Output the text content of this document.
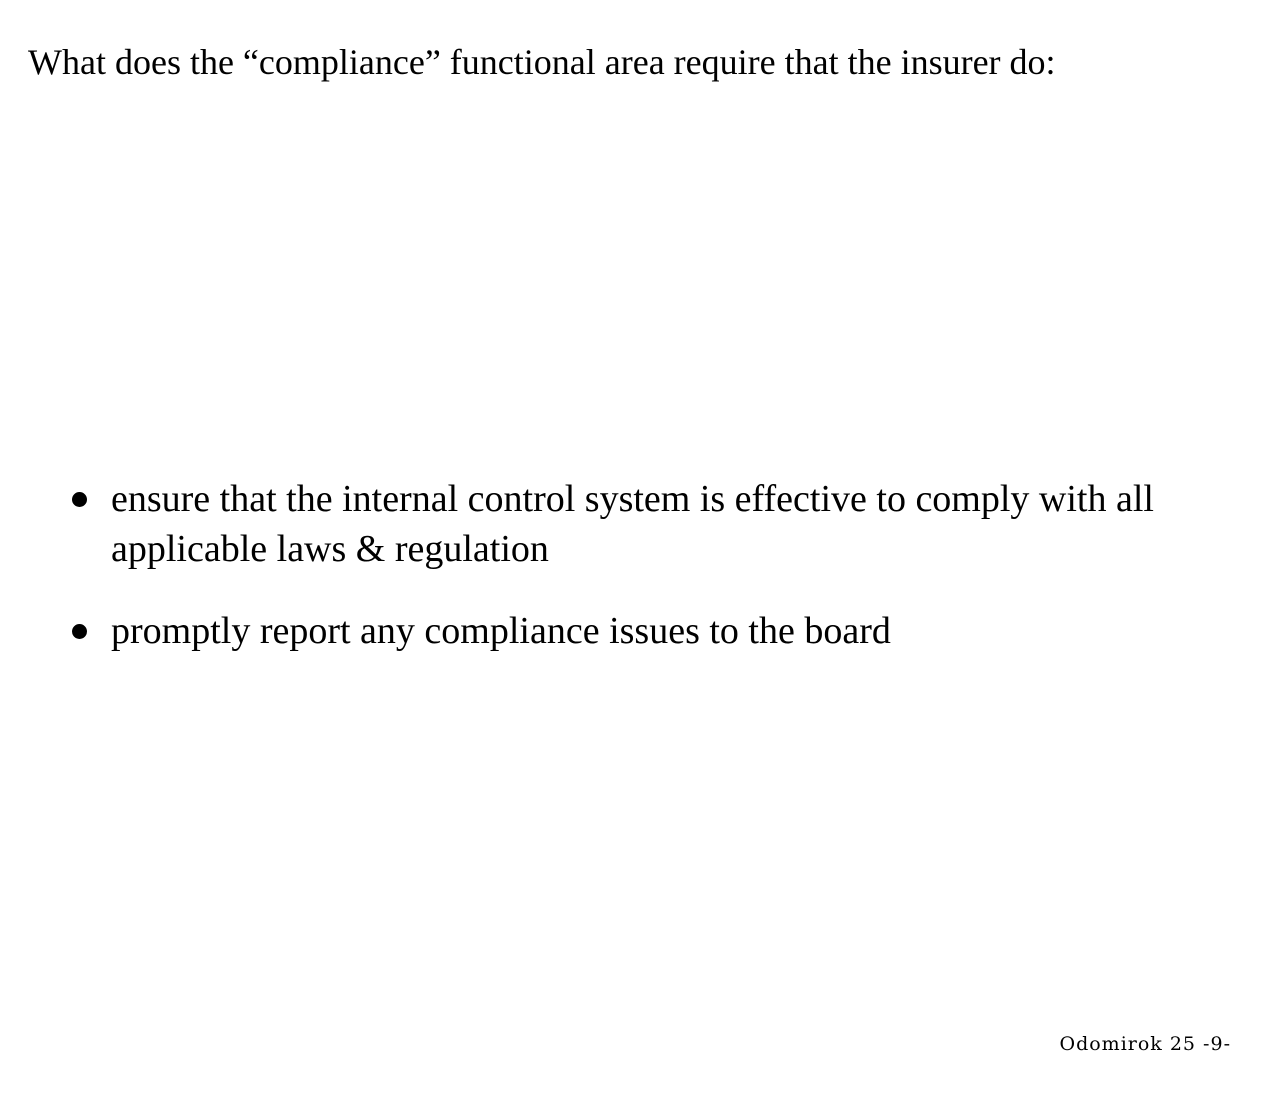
What does the “compliance” functional area require that the insurer do:
ensure that the internal control system is effective to comply with all applicable laws & regulation
promptly report any compliance issues to the board
Odomirok 25 -9-
